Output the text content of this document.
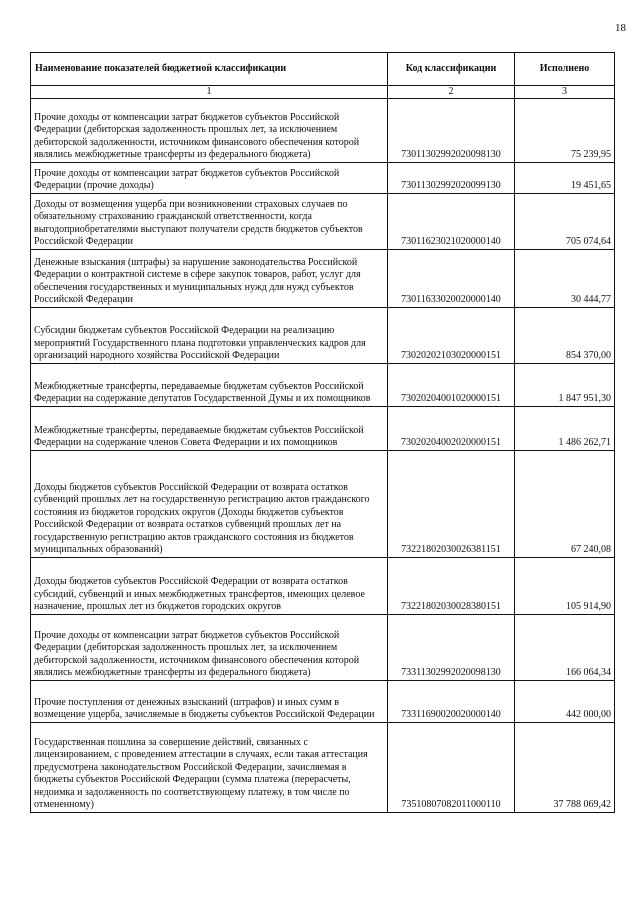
18
Наименование показателей бюджетной классификации	Код классификации	Исполнено
1	2	3
Прочие доходы от компенсации затрат бюджетов субъектов Российской Федерации (дебиторская задолженность прошлых лет, за исключением дебиторской задолженности, источником финансового обеспечения которой являлись межбюджетные трансферты из федерального бюджета)	73011302992020098130	75 239,95
Прочие доходы от компенсации затрат бюджетов субъектов Российской Федерации (прочие доходы)	73011302992020099130	19 451,65
Доходы от возмещения ущерба при возникновении страховых случаев по обязательному страхованию гражданской ответственности, когда выгодоприобретателями выступают получатели средств бюджетов субъектов Российской Федерации	73011623021020000140	705 074,64
Денежные взыскания (штрафы) за нарушение законодательства Российской Федерации о контрактной системе в сфере закупок товаров, работ, услуг для обеспечения государственных и муниципальных нужд для нужд субъектов Российской Федерации	73011633020020000140	30 444,77
Субсидии бюджетам субъектов Российской Федерации на реализацию мероприятий Государственного плана подготовки управленческих кадров для организаций народного хозяйства Российской Федерации	73020202103020000151	854 370,00
Межбюджетные трансферты, передаваемые бюджетам субъектов Российской Федерации на содержание депутатов Государственной Думы и их помощников	73020204001020000151	1 847 951,30
Межбюджетные трансферты, передаваемые бюджетам субъектов Российской Федерации на содержание членов Совета Федерации и их помощников	73020204002020000151	1 486 262,71
Доходы бюджетов субъектов Российской Федерации от возврата остатков субвенций прошлых лет на государственную регистрацию актов гражданского состояния из бюджетов городских округов (Доходы бюджетов субъектов Российской Федерации от возврата остатков субвенций прошлых лет на государственную регистрацию актов гражданского состояния из бюджетов муниципальных образований)	73221802030026381151	67 240,08
Доходы бюджетов субъектов Российской Федерации от возврата остатков субсидий, субвенций и иных межбюджетных трансфертов, имеющих целевое назначение, прошлых лет из бюджетов городских округов	73221802030028380151	105 914,90
Прочие доходы от компенсации затрат бюджетов субъектов Российской Федерации (дебиторская задолженность прошлых лет, за исключением дебиторской задолженности, источником финансового обеспечения которой являлись межбюджетные трансферты из федерального бюджета)	73311302992020098130	166 064,34
Прочие поступления от денежных взысканий (штрафов) и иных сумм в возмещение ущерба, зачисляемые в бюджеты субъектов Российской Федерации	73311690020020000140	442 000,00
Государственная пошлина за совершение действий, связанных с лицензированием, с проведением аттестации в случаях, если такая аттестация предусмотрена законодательством Российской Федерации, зачисляемая в бюджеты субъектов Российской Федерации (сумма платежа (перерасчеты, недоимка и задолженность по соответствующему платежу, в том числе по отмененному)	73510807082011000110	37 788 069,42
